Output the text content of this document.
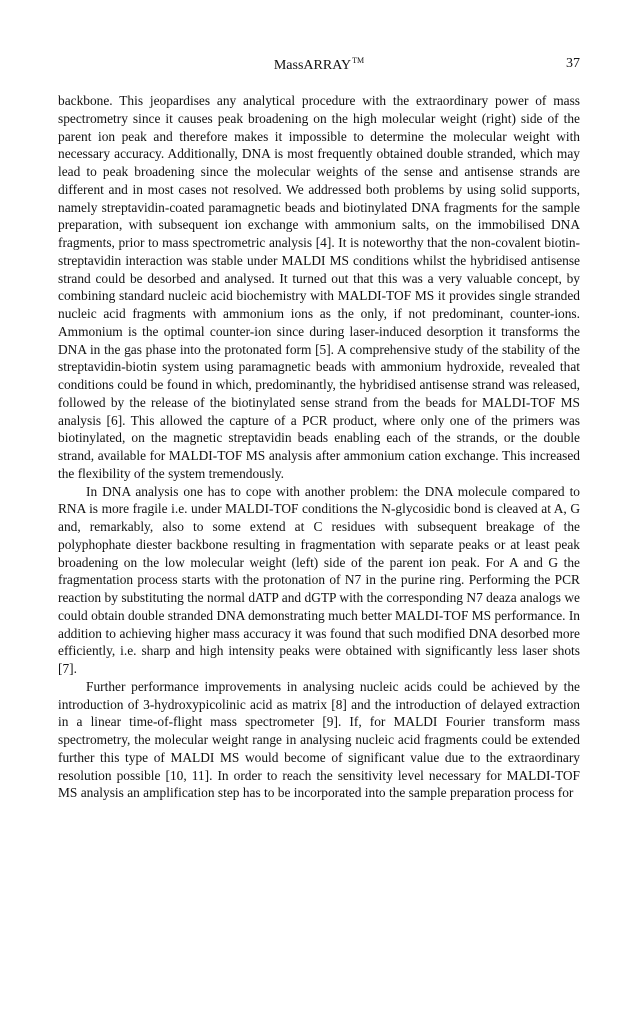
MassARRAY™	37

backbone. This jeopardises any analytical procedure with the extraordinary power of mass spectrometry since it causes peak broadening on the high molecular weight (right) side of the parent ion peak and therefore makes it impossible to determine the molecular weight with necessary accuracy. Additionally, DNA is most frequently obtained double stranded, which may lead to peak broadening since the molecular weights of the sense and antisense strands are different and in most cases not resolved. We addressed both problems by using solid supports, namely streptavidin-coated paramagnetic beads and biotinylated DNA fragments for the sample preparation, with subsequent ion exchange with ammonium salts, on the immobilised DNA fragments, prior to mass spectrometric analysis [4]. It is noteworthy that the non-covalent biotin-streptavidin interaction was stable under MALDI MS conditions whilst the hybridised antisense strand could be desorbed and analysed. It turned out that this was a very valuable concept, by combining standard nucleic acid biochemistry with MALDI-TOF MS it provides single stranded nucleic acid fragments with ammonium ions as the only, if not predominant, counter-ions. Ammonium is the optimal counter-ion since during laser-induced desorption it transforms the DNA in the gas phase into the protonated form [5]. A comprehensive study of the stability of the streptavidin-biotin system using paramagnetic beads with ammonium hydroxide, revealed that conditions could be found in which, predominantly, the hybridised antisense strand was released, followed by the release of the biotinylated sense strand from the beads for MALDI-TOF MS analysis [6]. This allowed the capture of a PCR product, where only one of the primers was biotinylated, on the magnetic streptavidin beads enabling each of the strands, or the double strand, available for MALDI-TOF MS analysis after ammonium cation exchange. This increased the flexibility of the system tremendously.

In DNA analysis one has to cope with another problem: the DNA molecule compared to RNA is more fragile i.e. under MALDI-TOF conditions the N-glycosidic bond is cleaved at A, G and, remarkably, also to some extend at C residues with subsequent breakage of the polyphophate diester backbone resulting in fragmentation with separate peaks or at least peak broadening on the low molecular weight (left) side of the parent ion peak. For A and G the fragmentation process starts with the protonation of N7 in the purine ring. Performing the PCR reaction by substituting the normal dATP and dGTP with the corresponding N7 deaza analogs we could obtain double stranded DNA demonstrating much better MALDI-TOF MS performance. In addition to achieving higher mass accuracy it was found that such modified DNA desorbed more efficiently, i.e. sharp and high intensity peaks were obtained with significantly less laser shots [7].

Further performance improvements in analysing nucleic acids could be achieved by the introduction of 3-hydroxypicolinic acid as matrix [8] and the introduction of delayed extraction in a linear time-of-flight mass spectrometer [9]. If, for MALDI Fourier transform mass spectrometry, the molecular weight range in analysing nucleic acid fragments could be extended further this type of MALDI MS would become of significant value due to the extraordinary resolution possible [10, 11]. In order to reach the sensitivity level necessary for MALDI-TOF MS analysis an amplification step has to be incorporated into the sample preparation process for
